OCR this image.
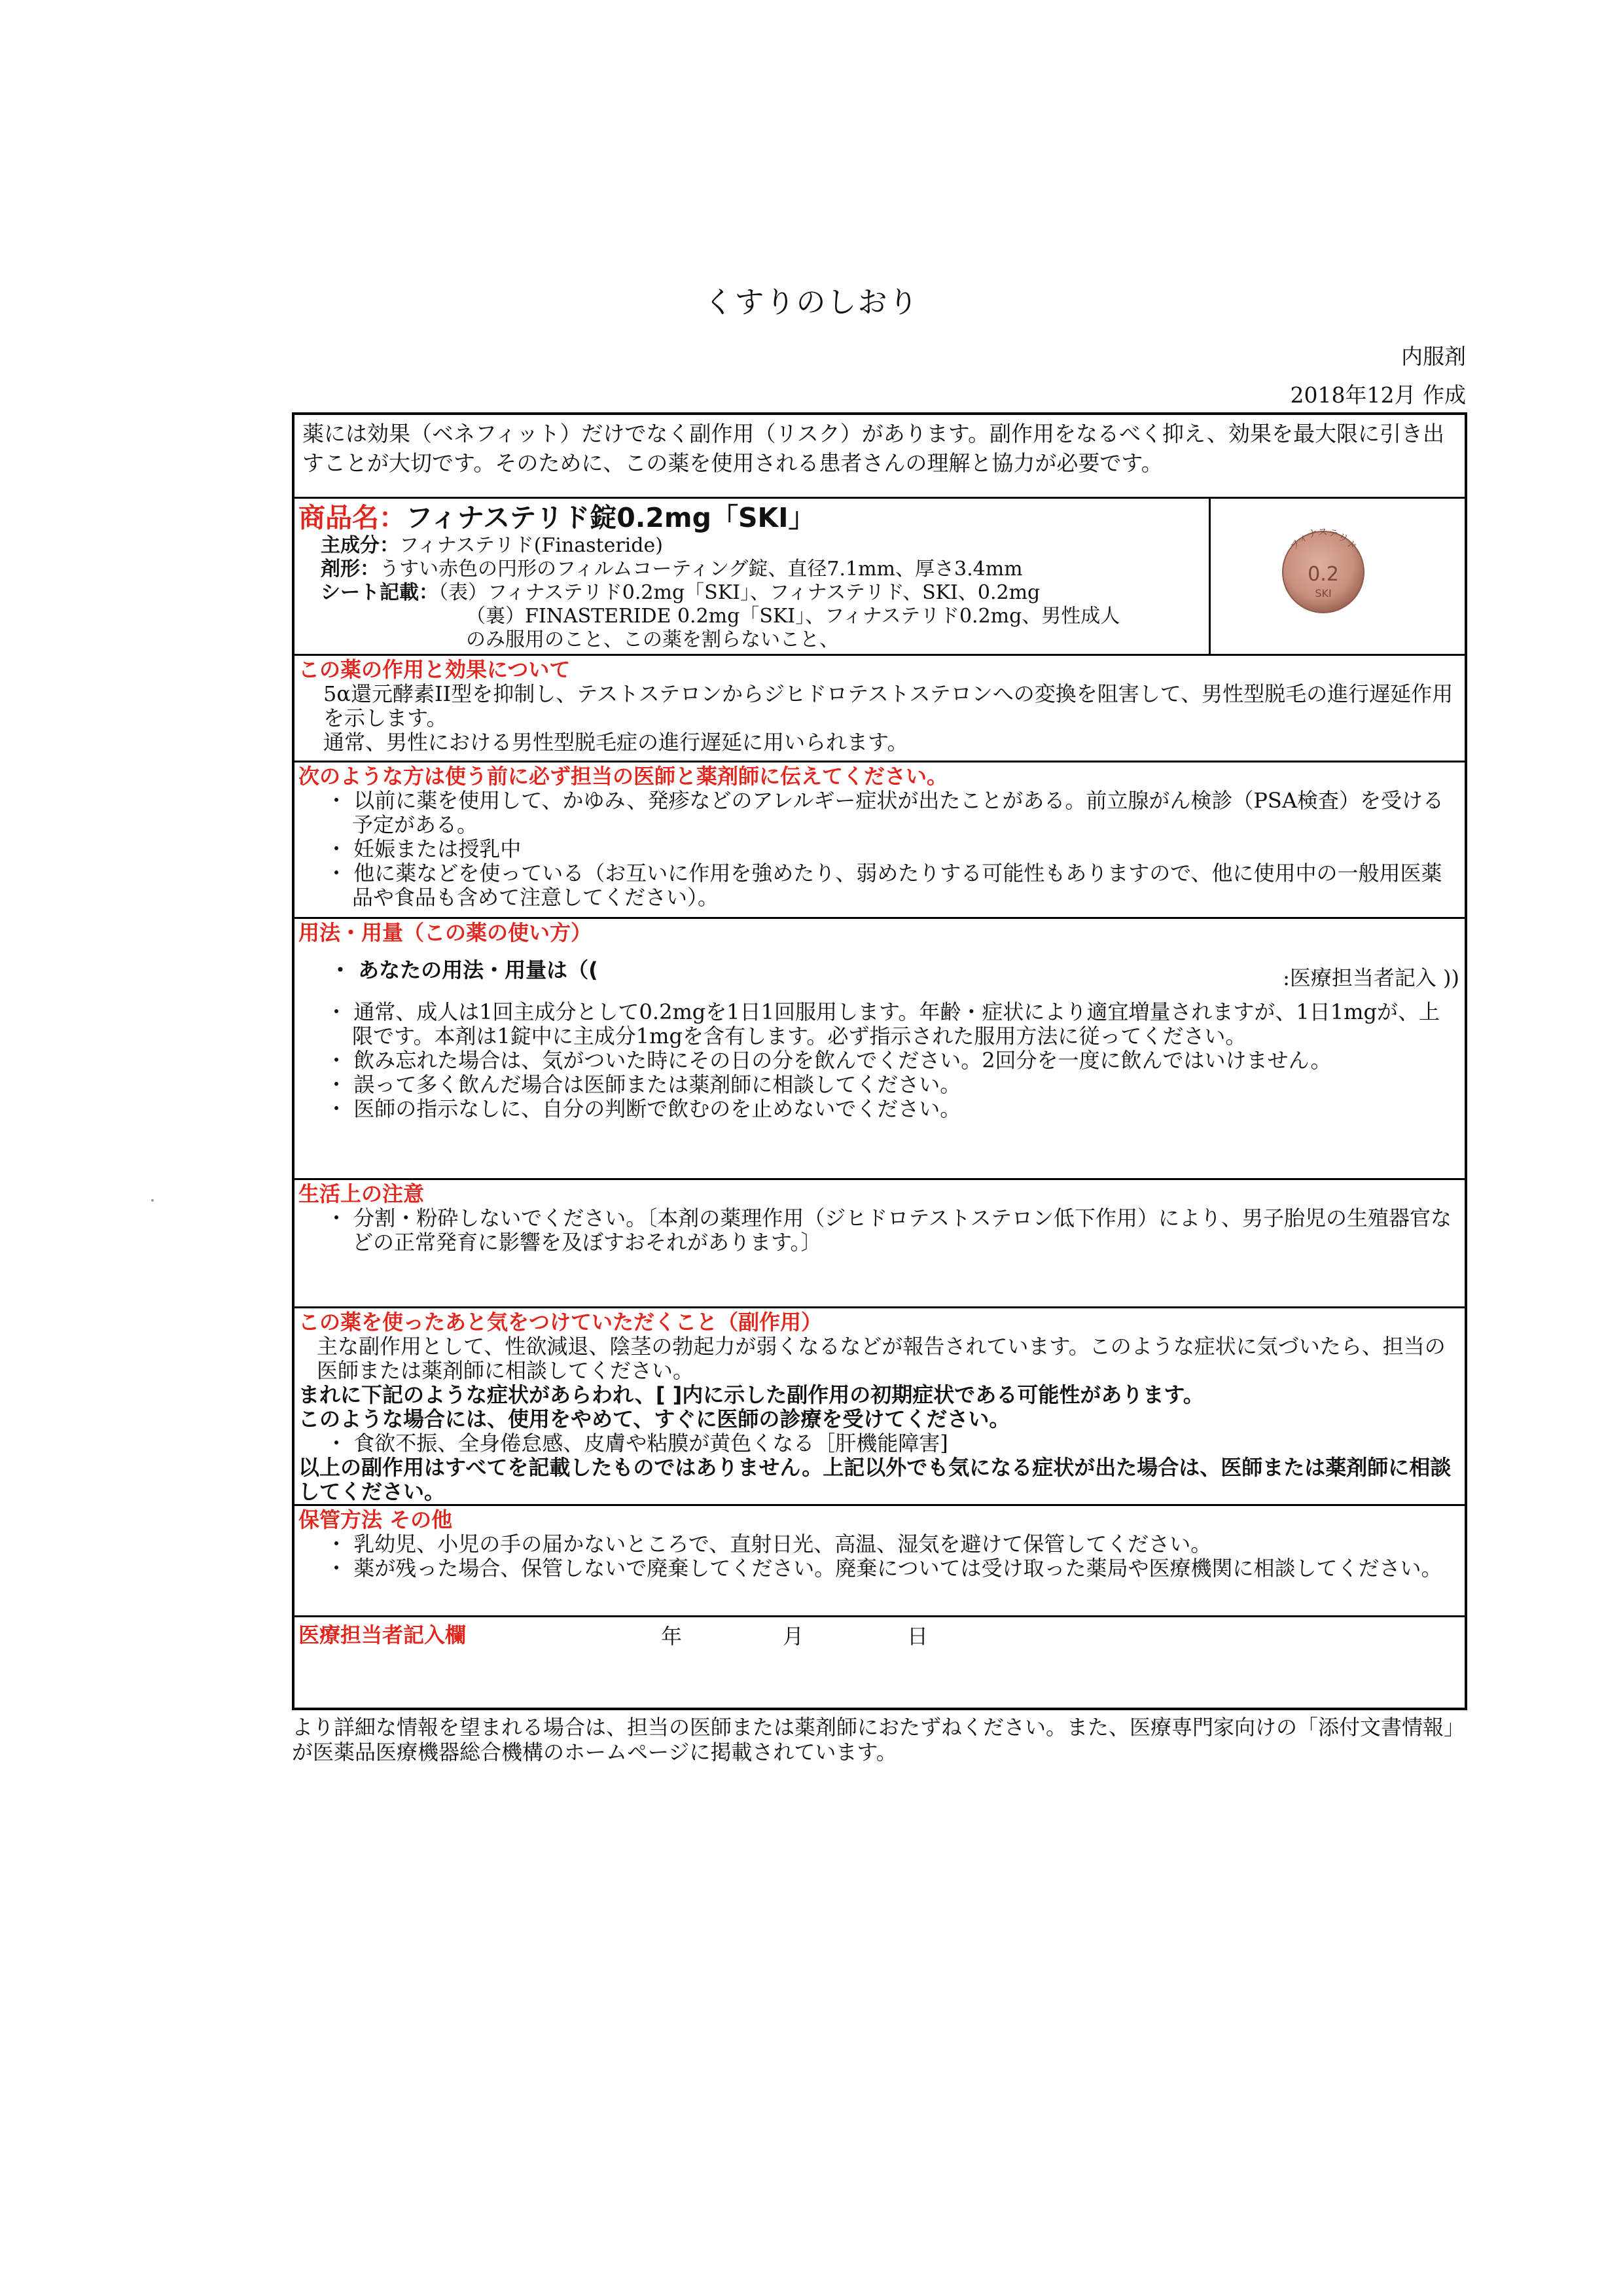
くすりのしおり
内服剤
2018年12月 作成
薬には効果（ベネフィット）だけでなく副作用（リスク）があります。副作用をなるべく抑え、効果を最大限に引き出すことが大切です。そのために、この薬を使用される患者さんの理解と協力が必要です。
商品名：フィナステリド錠0.2mg「SKI」
主成分：フィナステリド(Finasteride)
剤形：うすい赤色の円形のフィルムコーティング錠、直径7.1mm、厚さ3.4mm
シート記載：（表）フィナステリド0.2mg「SKI」、フィナステリド、SKI、0.2mg
（裏）FINASTERIDE 0.2mg「SKI」、フィナステリド0.2mg、男性成人
のみ服用のこと、この薬を割らないこと、
フィナステリド
0.2
SKI
この薬の作用と効果について

5α還元酵素II型を抑制し、テストステロンからジヒドロテストステロンへの変換を阻害して、男性型脱毛の進行遅延作用を示します。

通常、男性における男性型脱毛症の進行遅延に用いられます。

次のような方は使う前に必ず担当の医師と薬剤師に伝えてください。

・ 以前に薬を使用して、かゆみ、発疹などのアレルギー症状が出たことがある。前立腺がん検診（PSA検査）を受ける予定がある。

・ 妊娠または授乳中

・ 他に薬などを使っている（お互いに作用を強めたり、弱めたりする可能性もありますので、他に使用中の一般用医薬品や食品も含めて注意してください）。

用法・用量（この薬の使い方）
・ あなたの用法・用量は（(	:医療担当者記入 ))

・ 通常、成人は1回主成分として0.2mgを1日1回服用します。年齢・症状により適宜増量されますが、1日1mgが、上限です。本剤は1錠中に主成分1mgを含有します。必ず指示された服用方法に従ってください。

・ 飲み忘れた場合は、気がついた時にその日の分を飲んでください。2回分を一度に飲んではいけません。

・ 誤って多く飲んだ場合は医師または薬剤師に相談してください。

・ 医師の指示なしに、自分の判断で飲むのを止めないでください。

生活上の注意

・ 分割・粉砕しないでください。〔本剤の薬理作用（ジヒドロテストステロン低下作用）により、男子胎児の生殖器官などの正常発育に影響を及ぼすおそれがあります。〕

この薬を使ったあと気をつけていただくこと（副作用）
主な副作用として、性欲減退、陰茎の勃起力が弱くなるなどが報告されています。このような症状に気づいたら、担当の医師または薬剤師に相談してください。
まれに下記のような症状があらわれ、[ ]内に示した副作用の初期症状である可能性があります。
このような場合には、使用をやめて、すぐに医師の診療を受けてください。

・ 食欲不振、全身倦怠感、皮膚や粘膜が黄色くなる［肝機能障害]

以上の副作用はすべてを記載したものではありません。上記以外でも気になる症状が出た場合は、医師または薬剤師に相談してください。
保管方法 その他

・ 乳幼児、小児の手の届かないところで、直射日光、高温、湿気を避けて保管してください。

・ 薬が残った場合、保管しないで廃棄してください。廃棄については受け取った薬局や医療機関に相談してください。

医療担当者記入欄	年	月	日
より詳細な情報を望まれる場合は、担当の医師または薬剤師におたずねください。また、医療専門家向けの「添付文書情報」が医薬品医療機器総合機構のホームページに掲載されています。
